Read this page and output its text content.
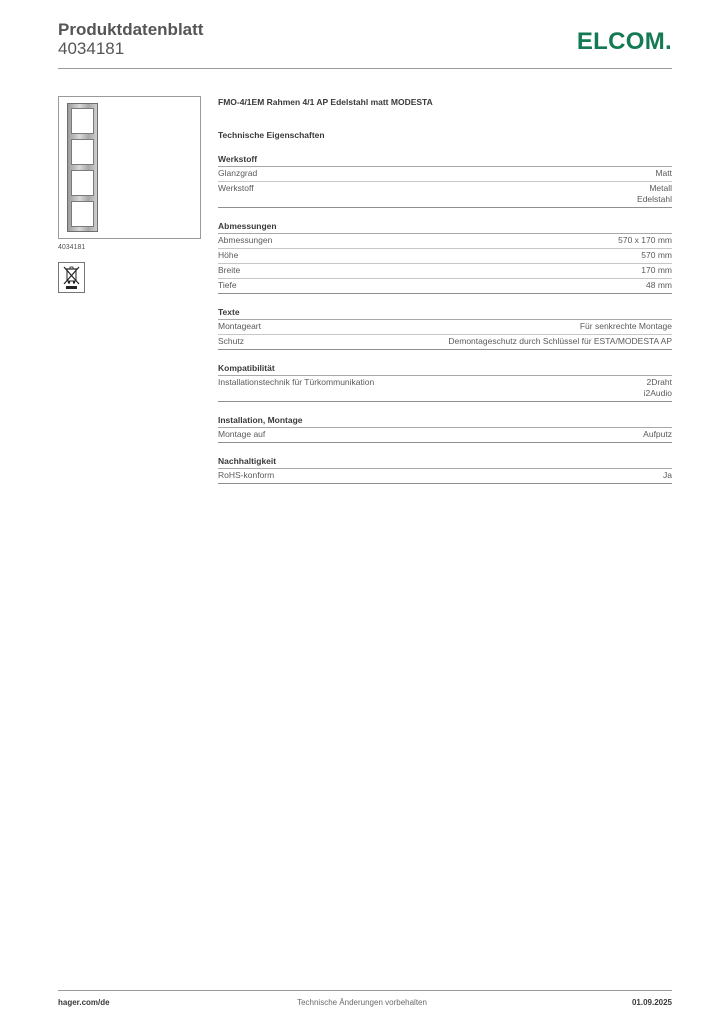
Produktdatenblatt
4034181	ELCOM.
4034181
FMO-4/1EM Rahmen 4/1 AP Edelstahl matt MODESTA
Technische Eigenschaften
Werkstoff
Glanzgrad	Matt
Werkstoff	Metall
Edelstahl
Abmessungen
Abmessungen	570 x 170 mm
Höhe	570 mm
Breite	170 mm
Tiefe	48 mm
Texte
Montageart	Für senkrechte Montage
Schutz	Demontageschutz durch Schlüssel für ESTA/MODESTA AP
Kompatibilität
Installationstechnik für Türkommunikation	2Draht
i2Audio
Installation, Montage
Montage auf	Aufputz
Nachhaltigkeit
RoHS-konform	Ja
hager.com/de	Technische Änderungen vorbehalten	01.09.2025
